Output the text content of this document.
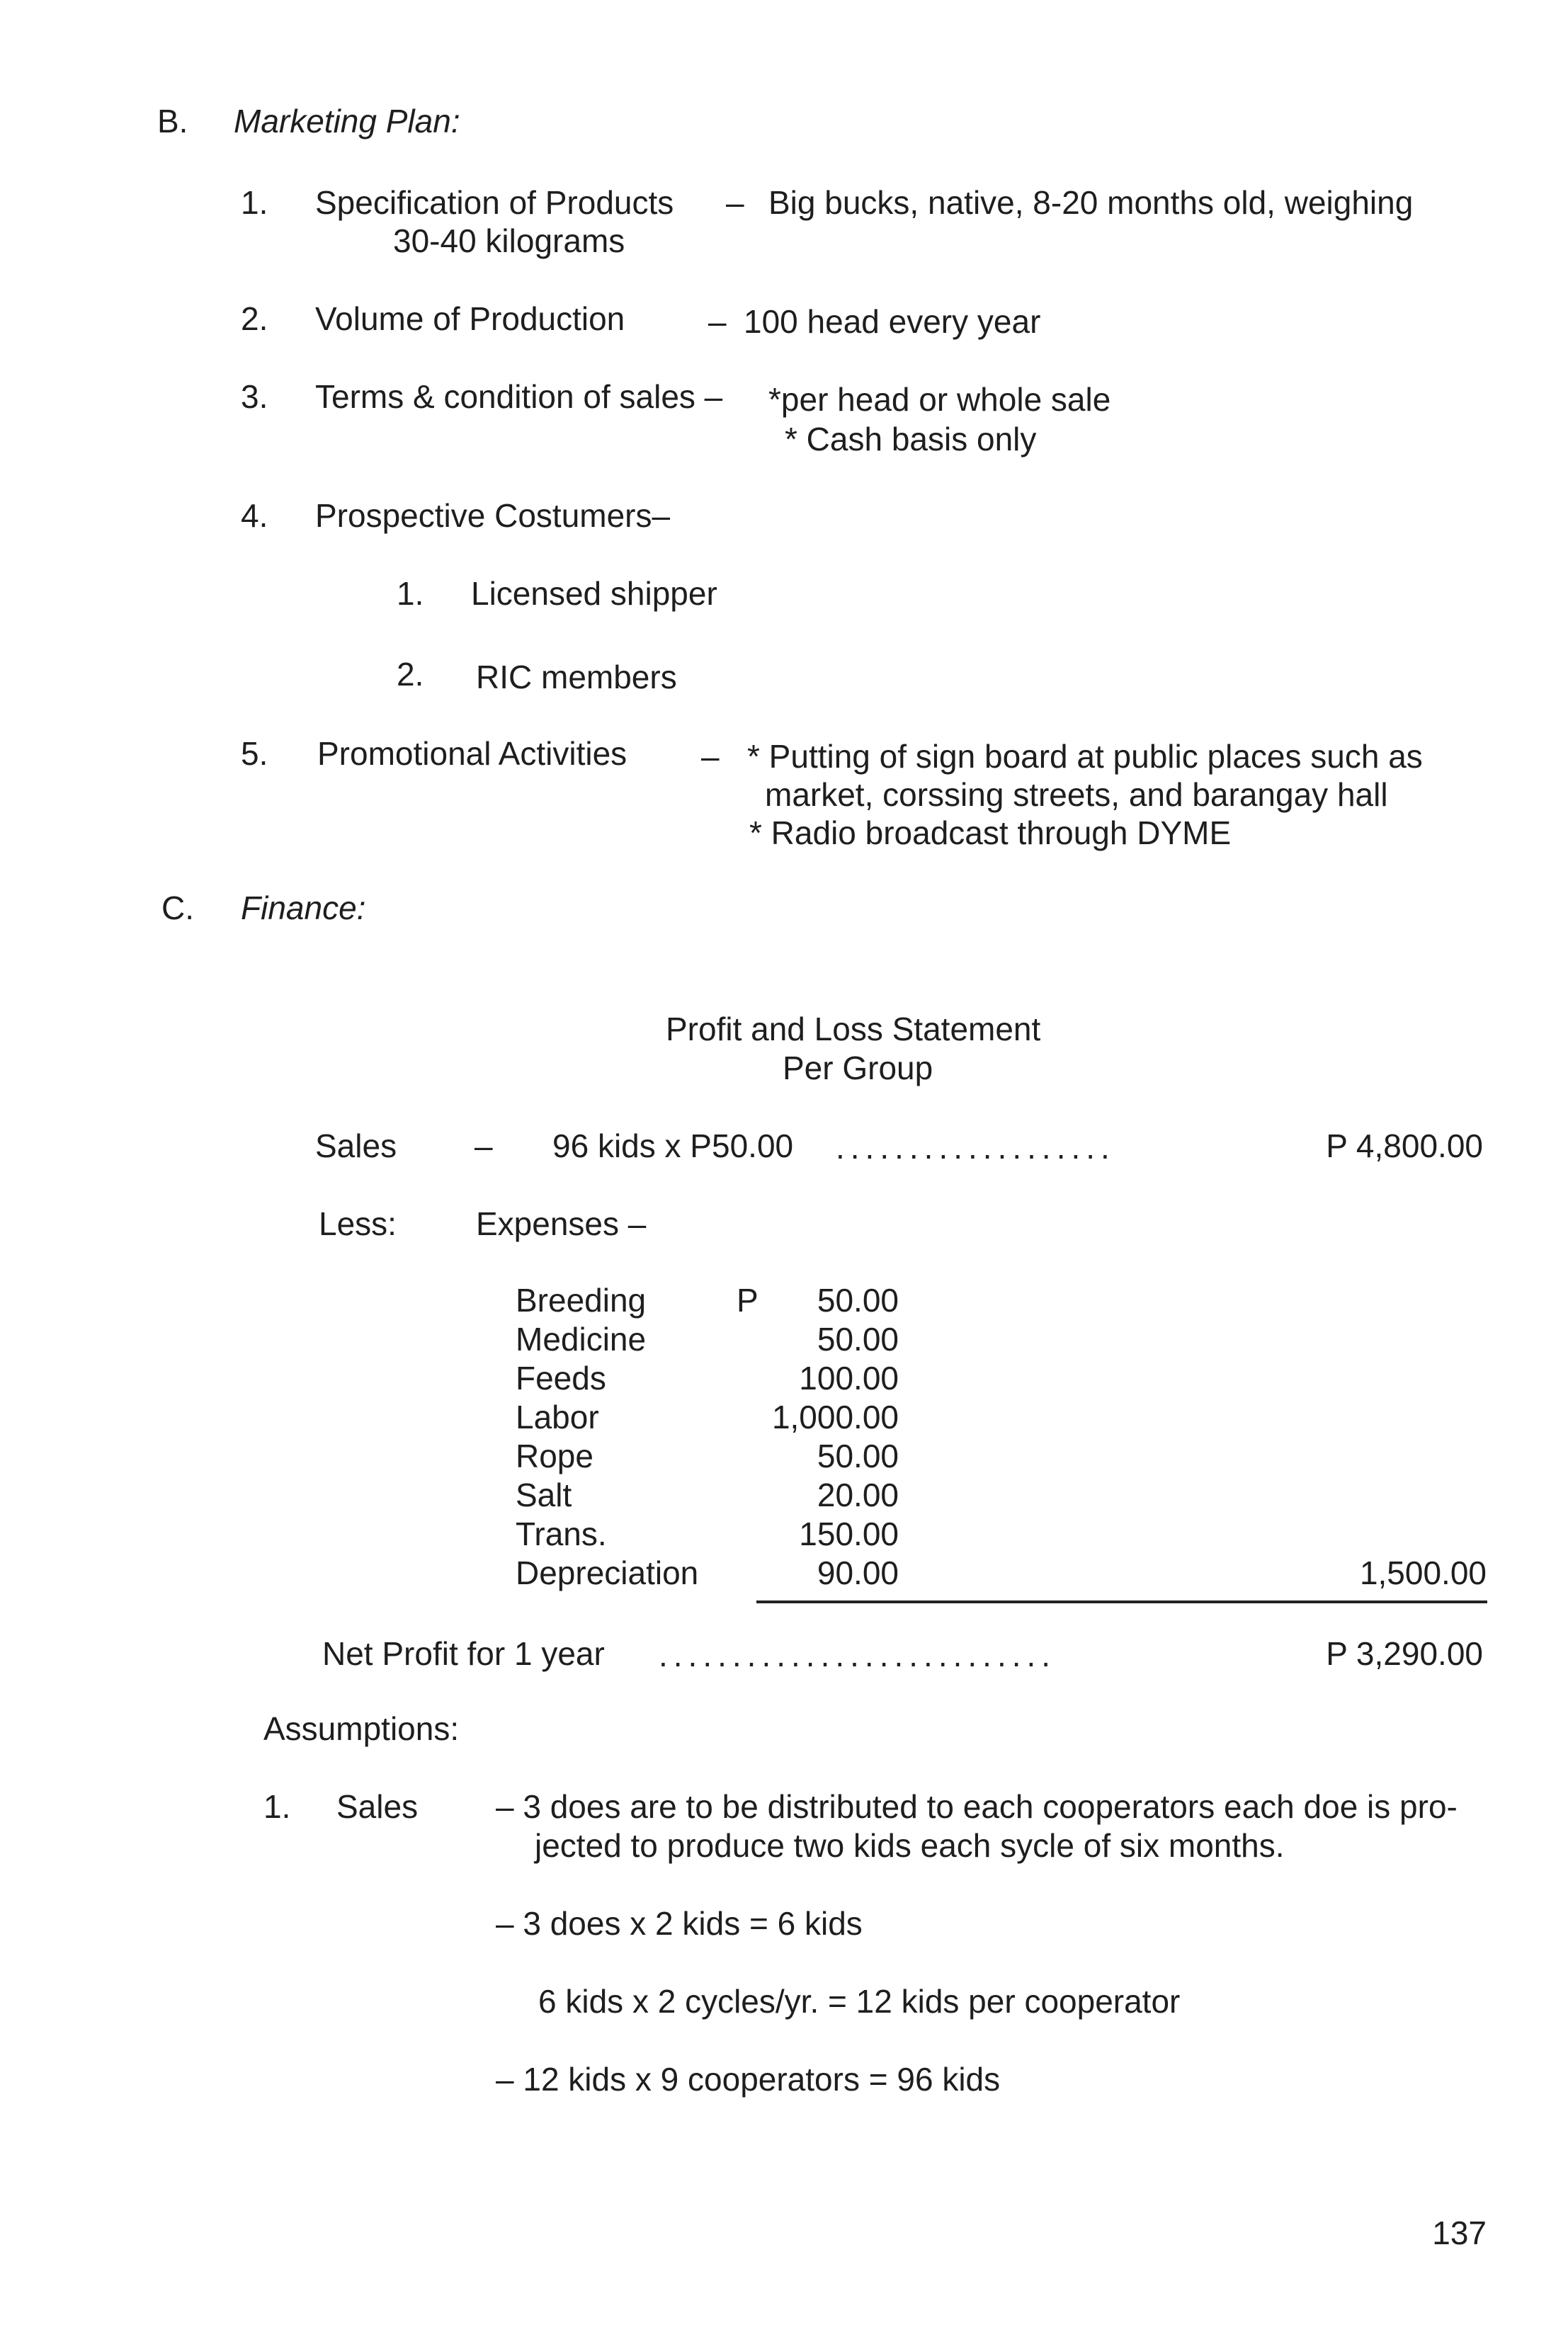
B. Marketing Plan:
1. Specification of Products – Big bucks, native, 8-20 months old, weighing
30-40 kilograms
2. Volume of Production	– 100 head every year
3. Terms & condition of sales – *per head or whole sale
* Cash basis only
4. Prospective Costumers–
1. Licensed shipper
2. RIC members
5. Promotional Activities – * Putting of sign board at public places such as
market, corssing streets, and barangay hall
* Radio broadcast through DYME
C. Finance:
Profit and Loss Statement
Per Group
Sales – 96 kids x P50.00 ...................	P 4,800.00
Less: Expenses –
Breeding	P 50.00
Medicine	50.00
Feeds	100.00
Labor	1,000.00
Rope	50.00
Salt	20.00
Trans.	150.00
Depreciation	90.00	1,500.00
Net Profit for 1 year ...........................	P 3,290.00
Assumptions:
1. Sales – 3 does are to be distributed to each cooperators each doe is pro-
jected to produce two kids each sycle of six months.
– 3 does x 2 kids = 6 kids
6 kids x 2 cycles/yr. = 12 kids per cooperator
– 12 kids x 9 cooperators = 96 kids
137
